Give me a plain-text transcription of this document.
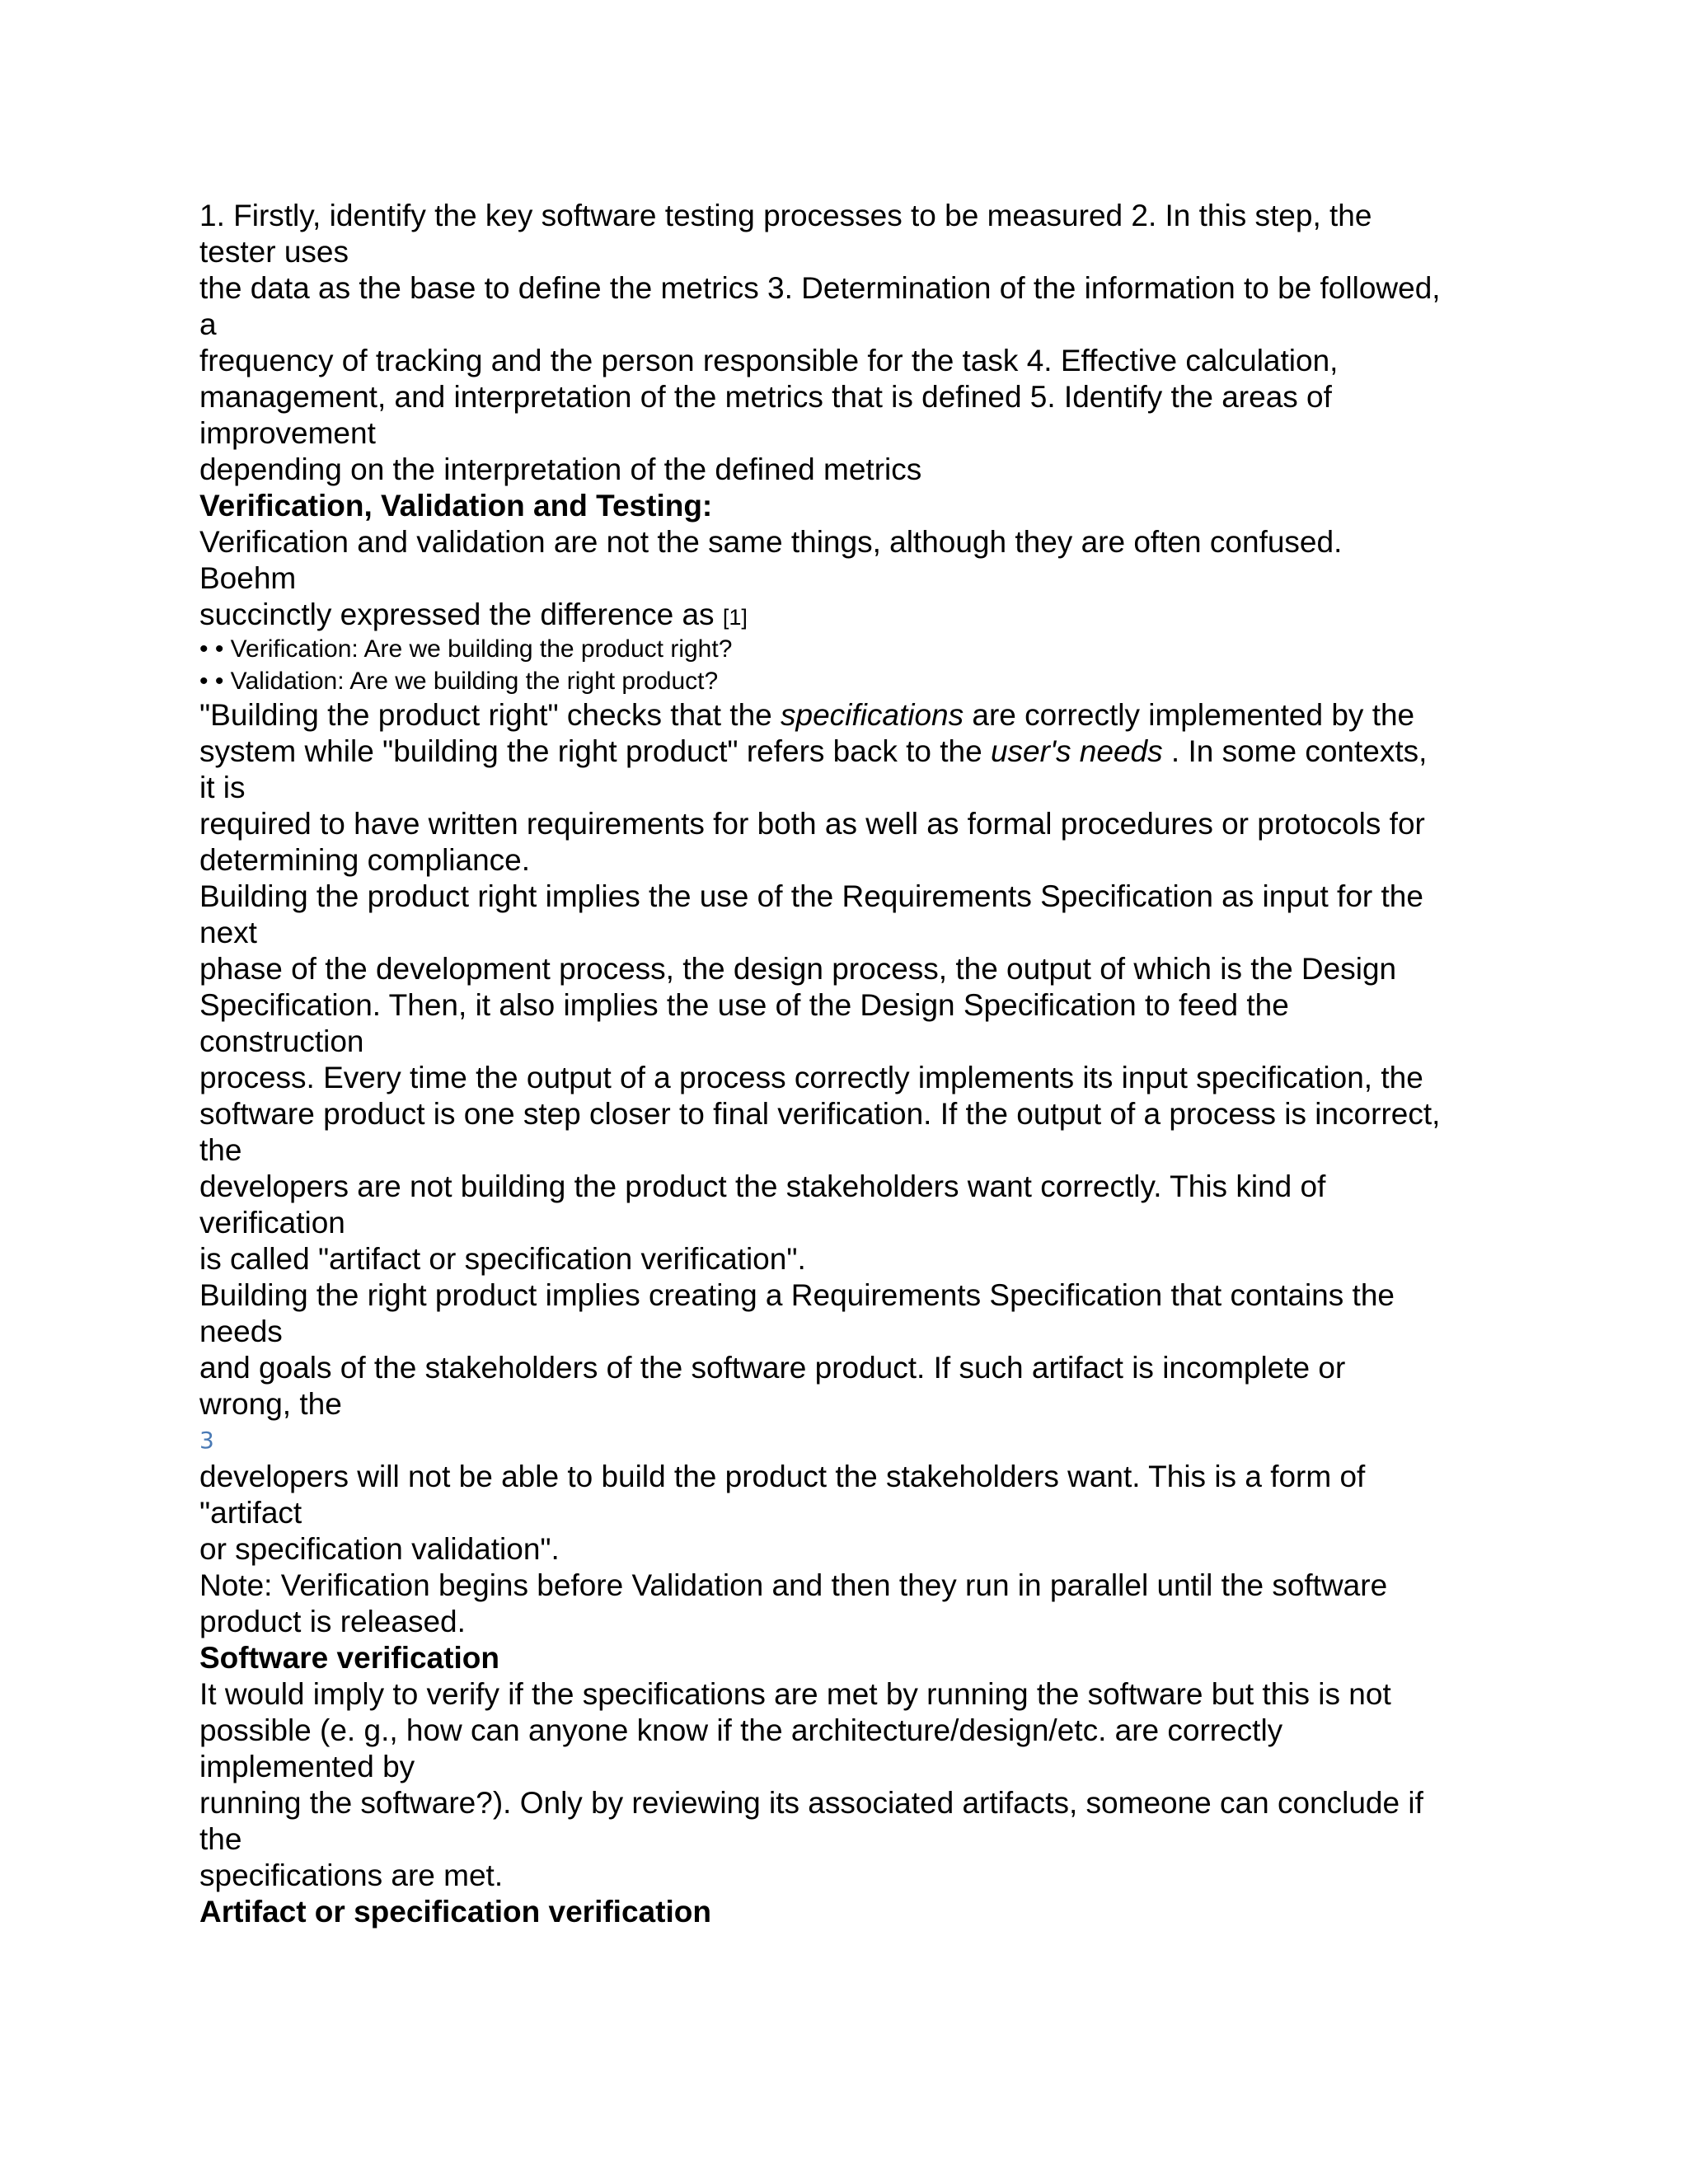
1. Firstly, identify the key software testing processes to be measured 2. In this step, the
tester uses
the data as the base to define the metrics 3. Determination of the information to be followed,
a
frequency of tracking and the person responsible for the task 4. Effective calculation,
management, and interpretation of the metrics that is defined 5. Identify the areas of
improvement
depending on the interpretation of the defined metrics
Verification, Validation and Testing:
Verification and validation are not the same things, although they are often confused.
Boehm
succinctly expressed the difference as [1]
• • Verification: Are we building the product right?
• • Validation: Are we building the right product?
"Building the product right" checks that the specifications are correctly implemented by the
system while "building the right product" refers back to the user's needs . In some contexts,
it is
required to have written requirements for both as well as formal procedures or protocols for
determining compliance.
Building the product right implies the use of the Requirements Specification as input for the
next
phase of the development process, the design process, the output of which is the Design
Specification. Then, it also implies the use of the Design Specification to feed the
construction
process. Every time the output of a process correctly implements its input specification, the
software product is one step closer to final verification. If the output of a process is incorrect,
the
developers are not building the product the stakeholders want correctly. This kind of
verification
is called "artifact or specification verification".
Building the right product implies creating a Requirements Specification that contains the
needs
and goals of the stakeholders of the software product. If such artifact is incomplete or
wrong, the
3
developers will not be able to build the product the stakeholders want. This is a form of
"artifact
or specification validation".
Note: Verification begins before Validation and then they run in parallel until the software
product is released.
Software verification
It would imply to verify if the specifications are met by running the software but this is not
possible (e. g., how can anyone know if the architecture/design/etc. are correctly
implemented by
running the software?). Only by reviewing its associated artifacts, someone can conclude if
the
specifications are met.
Artifact or specification verification
